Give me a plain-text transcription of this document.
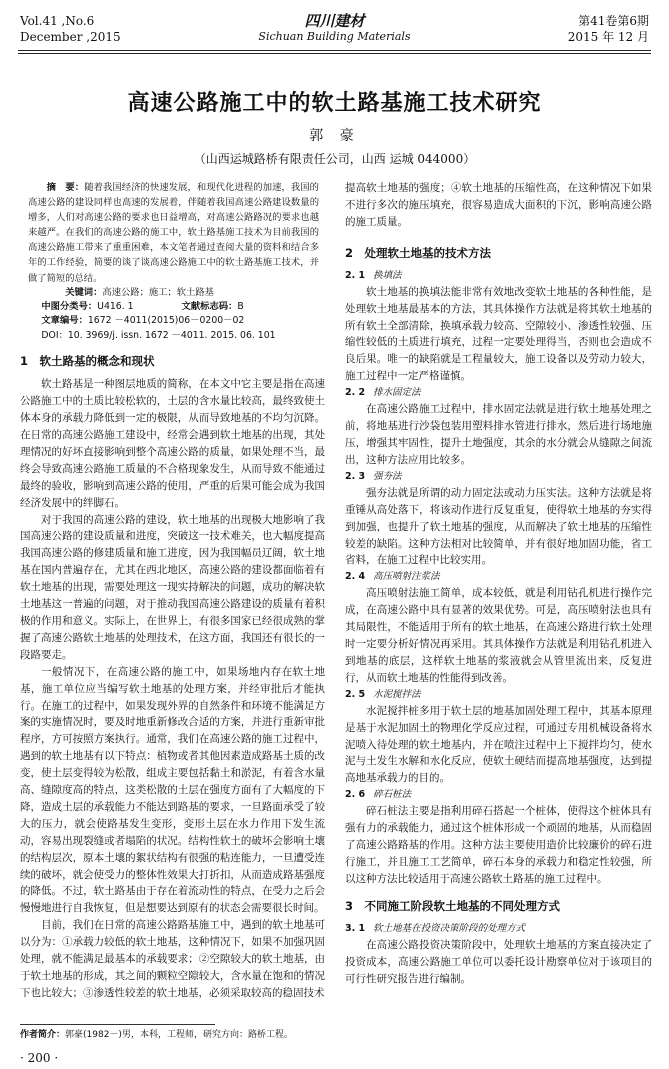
Vol.41 ,No.6
December ,2015
四川建材
Sichuan Building Materials
第41卷第6期
2015 年 12 月
高速公路施工中的软土路基施工技术研究
郭 豪
（山西运城路桥有限责任公司，山西 运城 044000）

摘　要：随着我国经济的快速发展，和现代化进程的加速，我国的高速公路的建设同样也高速的发展着，伴随着我国高速公路建设数量的增多，人们对高速公路的要求也日益增高，对高速公路路况的要求也越来越严。在我们的高速公路的施工中，软土路基施工技术为目前我国的高速公路施工带来了重重困难，本文笔者通过查阅大量的资料和结合多年的工作经验，简要的谈了谈高速公路施工中的软土路基施工技术，并做了简短的总结。

关键词：高速公路；施工；软土路基

中图分类号：U416. 1	文献标志码：B
文章编号：1672 －4011(2015)06－0200－02
DOI：10. 3969/j. issn. 1672 －4011. 2015. 06. 101
1　软土路基的概念和现状

软土路基是一种图层地质的简称，在本文中它主要是指在高速公路施工中的土质比较松软的，土层的含水量比较高，最终致使土体本身的承载力降低到一定的极限，从而导致地基的不均匀沉降。在日常的高速公路施工建设中，经常会遇到软土地基的出现，其处理情况的好坏直接影响到整个高速公路的质量，如果处理不当，最终会导致高速公路施工质量的不合格现象发生，从而导致不能通过最终的验收，影响到高速公路的使用，严重的后果可能会成为我国经济发展中的绊脚石。

对于我国的高速公路的建设，软土地基的出现极大地影响了我国高速公路的建设质量和进度，突破这一技术难关，也大幅度提高我国高速公路的修建质量和施工进度，因为我国幅员辽阔，软土地基在国内普遍存在，尤其在西北地区，高速公路的建设都面临着有软土地基的出现，需要处理这一现实持解决的问题，成功的解决软土地基这一普遍的问题，对于推动我国高速公路建设的质量有着积极的作用和意义。实际上，在世界上，有很多国家已经很成熟的掌握了高速公路软土地基的处理技术，在这方面，我国还有很长的一段路要走。

一般情况下，在高速公路的施工中，如果场地内存在软土地基，施工单位应当编写软土地基的处理方案，并经审批后才能执行。在施工的过程中，如果发现外界的自然条件和环境不能满足方案的实施情况时，要及时地重新修改合适的方案，并进行重新审批程序，方可按照方案执行。通常，我们在高速公路的施工过程中，遇到的软土地基有以下特点：植物或者其他因素造成路基土质的改变，使土层变得较为松散，组成主要包括黏土和淤泥，有着含水量高、缝隙度高的特点，这类松散的土层在强度方面有了大幅度的下降，造成土层的承载能力不能达到路基的要求，一旦路面承受了较大的压力，就会使路基发生变形，变形土层在水力作用下发生流动，容易出现裂缝或者塌陷的状况。结构性软土的破坏会影响土壤的结构层次，原本土壤的絮状结构有很强的粘连能力，一旦遭受连续的破坏，就会使受力的整体性效果大打折扣，从而造成路基强度的降低。不过，软土路基由于存在着流动性的特点，在受力之后会慢慢地进行自我恢复，但是想要达到原有的状态会需要很长时间。

目前，我们在日常的高速公路路基施工中，遇到的软土地基可以分为：①承载力较低的软土地基，这种情况下，如果不加强巩固处理，就不能满足最基本的承载要求；②空隙较大的软土地基，由于软土地基的形成，其之间的颗粒空隙较大，含水量在饱和的情况下也比较大；③渗透性较差的软土地基，必须采取较高的稳固技术

提高软土地基的强度；④软土地基的压缩性高，在这种情况下如果不进行多次的施压填充，很容易造成大面积的下沉，影响高速公路的施工质量。

2　处理软土地基的技术方法
2. 1 换填法

软土地基的换填法能非常有效地改变软土地基的各种性能，是处理软土地基最基本的方法，其具体操作方法就是将其软土地基的所有软土全部清除，换填承载力较高、空隙较小、渗透性较强、压缩性较低的土质进行填充，过程一定要处理得当，否则也会造成不良后果。唯一的缺陷就是工程量较大，施工设备以及劳动力较大，施工过程中一定严格谨慎。

2. 2 排水固定法

在高速公路施工过程中，排水固定法就是进行软土地基处理之前，将地基进行沙袋包装用塑料排水管进行排水，然后进行场地施压，增强其牢固性，提升土地强度，其余的水分就会从缝隙之间流出，这种方法应用比较多。

2. 3 强夯法

强夯法就是所谓的动力固定法或动力压实法。这种方法就是将重锤从高处落下，将该动作进行反复重复，使得软土地基的夯实得到加强，也提升了软土地基的强度，从而解决了软土地基的压缩性较差的缺陷。这种方法相对比较简单，并有很好地加固功能，省工省料，在施工过程中比较实用。

2. 4 高压喷射注浆法

高压喷射法施工简单，成本较低，就是利用钻孔机进行操作完成，在高速公路中具有显著的效果优势。可是，高压喷射法也具有其局限性，不能适用于所有的软土地基，在高速公路进行软土处理时一定要分析好情况再采用。其具体操作方法就是利用钻孔机进入到地基的底层，这样软土地基的浆液就会从管里流出来，反复进行，从而软土地基的性能得到改善。

2. 5 水泥搅拌法

水泥搅拌桩多用于软土层的地基加固处理工程中，其基本原理是基于水泥加固土的物理化学反应过程，可通过专用机械设备将水泥喷入待处理的软土地基内，并在喷注过程中上下搅拌均匀，使水泥与土发生水解和水化反应，使软土硬结而提高地基强度，达到提高地基承载力的目的。

2. 6 碎石桩法

碎石桩法主要是指利用碎石搭起一个桩体，使得这个桩体具有强有力的承载能力，通过这个桩体形成一个顽固的地基，从而稳固了高速公路路基的作用。这种方法主要使用造价比较廉价的碎石进行施工，并且施工工艺简单，碎石本身的承载力和稳定性较强，所以这种方法比较适用于高速公路软土路基的施工过程中。

3　不同施工阶段软土地基的不同处理方式
3. 1 软土地基在投资决策阶段的处理方式

在高速公路投资决策阶段中，处理软土地基的方案直接决定了投资成本，高速公路施工单位可以委托设计勘察单位对于该项目的可行性研究报告进行编制。

作者简介：郭豪(1982－)男，本科，工程师，研究方向：路桥工程。
· 200 ·
